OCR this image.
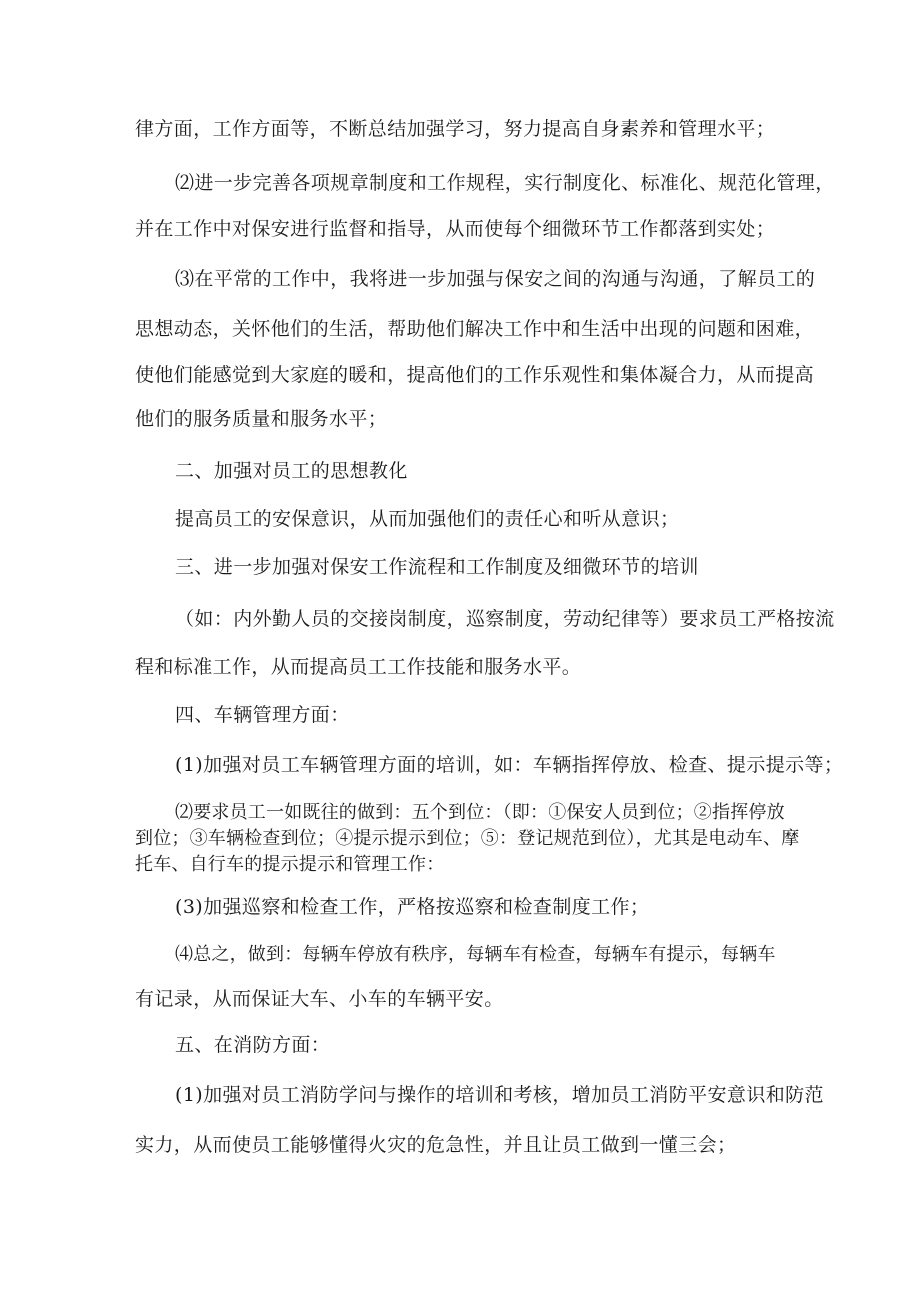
律方面，工作方面等，不断总结加强学习，努力提高自身素养和管理水平；
⑵进一步完善各项规章制度和工作规程，实行制度化、标准化、规范化管理，
并在工作中对保安进行监督和指导，从而使每个细微环节工作都落到实处；
⑶在平常的工作中，我将进一步加强与保安之间的沟通与沟通，了解员工的
思想动态，关怀他们的生活，帮助他们解决工作中和生活中出现的问题和困难，
使他们能感觉到大家庭的暖和，提高他们的工作乐观性和集体凝合力，从而提高
他们的服务质量和服务水平；
二、加强对员工的思想教化
提高员工的安保意识，从而加强他们的责任心和听从意识；
三、进一步加强对保安工作流程和工作制度及细微环节的培训
（如：内外勤人员的交接岗制度，巡察制度，劳动纪律等）要求员工严格按流
程和标准工作，从而提高员工工作技能和服务水平。
四、车辆管理方面：
(1)加强对员工车辆管理方面的培训，如：车辆指挥停放、检查、提示提示等；
⑵要求员工一如既往的做到：五个到位：（即：①保安人员到位；②指挥停放
到位；③车辆检查到位；④提示提示到位；⑤：登记规范到位），尤其是电动车、摩
托车、自行车的提示提示和管理工作：
(3)加强巡察和检查工作，严格按巡察和检查制度工作；
⑷总之，做到：每辆车停放有秩序，每辆车有检查，每辆车有提示，每辆车
有记录，从而保证大车、小车的车辆平安。
五、在消防方面：
(1)加强对员工消防学问与操作的培训和考核，增加员工消防平安意识和防范
实力，从而使员工能够懂得火灾的危急性，并且让员工做到一懂三会；
